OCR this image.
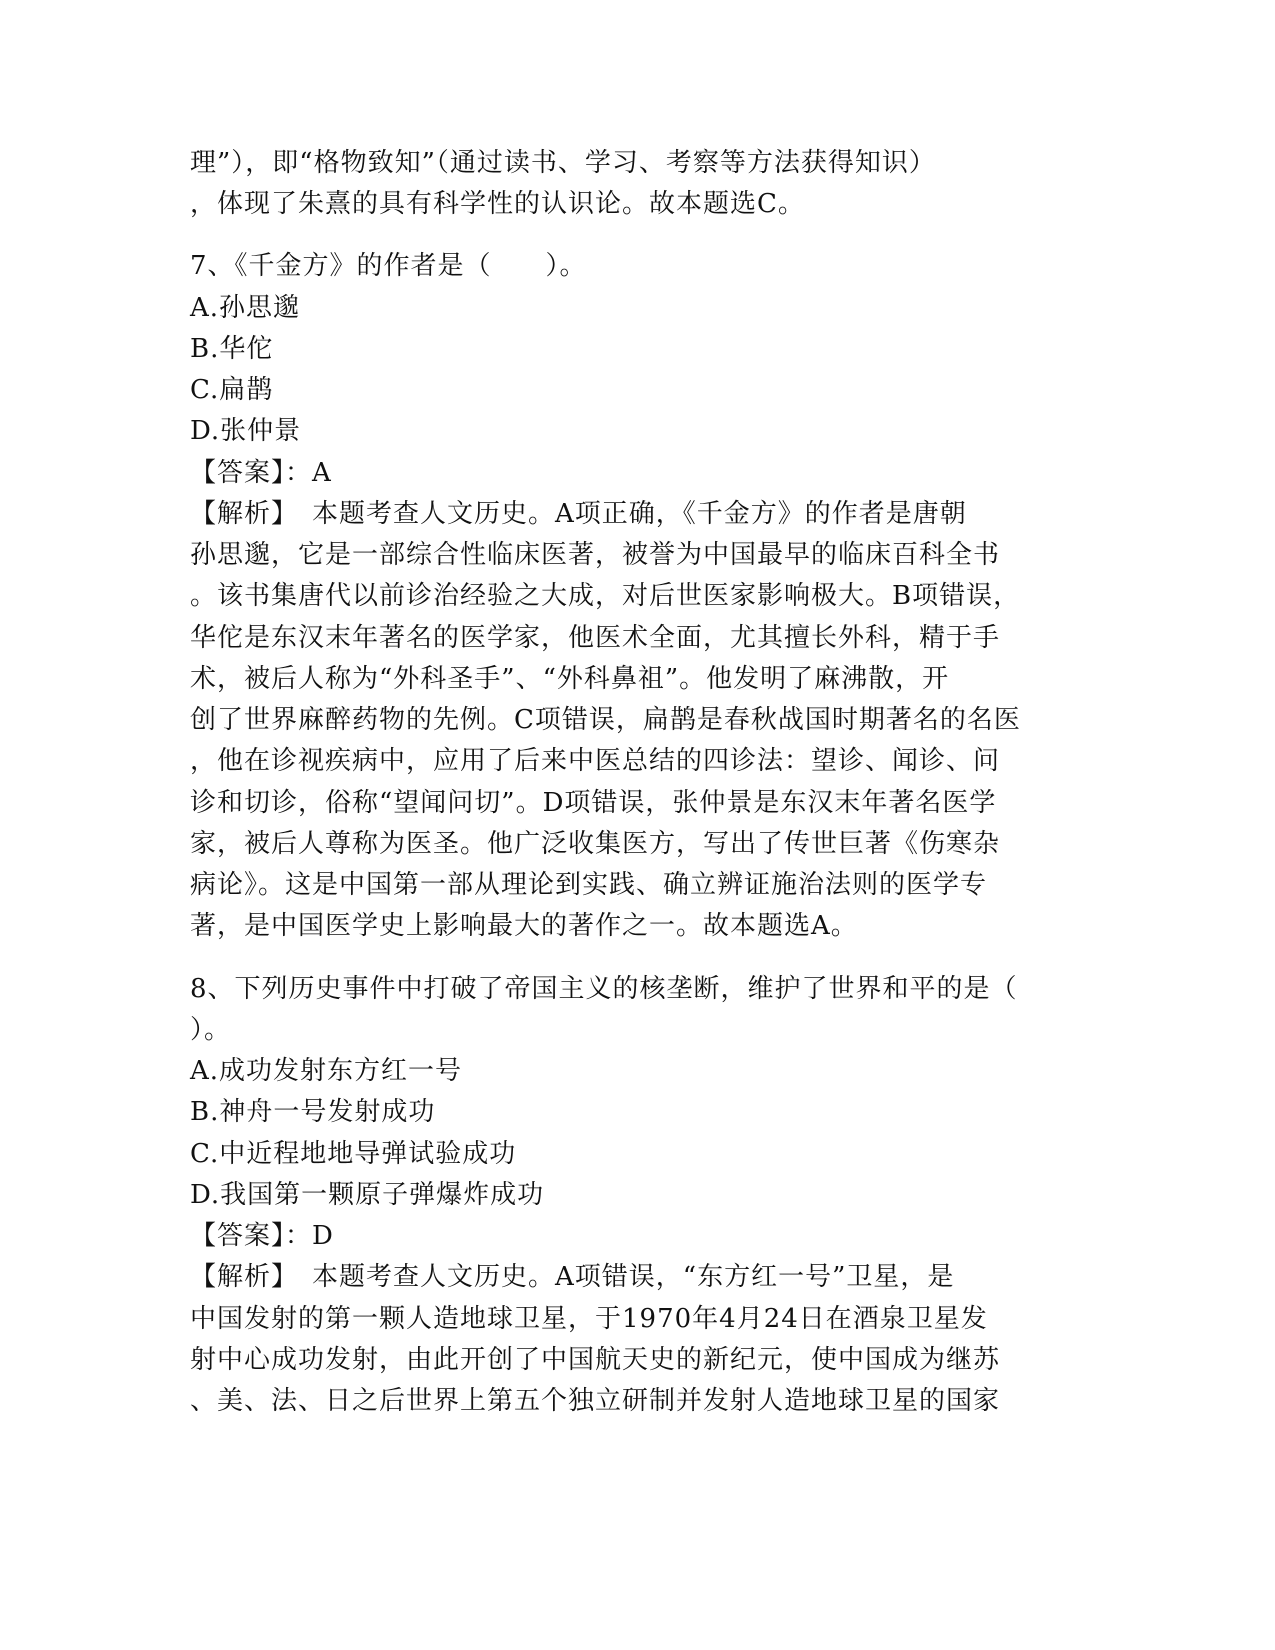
理”），即“格物致知”（通过读书、学习、考察等方法获得知识）
，体现了朱熹的具有科学性的认识论。故本题选C。
7、《千金方》的作者是（　　）。
A.孙思邈
B.华佗
C.扁鹊
D.张仲景
【答案】：A
【解析】　本题考查人文历史。A项正确，《千金方》的作者是唐朝
孙思邈，它是一部综合性临床医著，被誉为中国最早的临床百科全书
。该书集唐代以前诊治经验之大成，对后世医家影响极大。B项错误，
华佗是东汉末年著名的医学家，他医术全面，尤其擅长外科，精于手
术，被后人称为“外科圣手”、“外科鼻祖”。他发明了麻沸散，开
创了世界麻醉药物的先例。C项错误，扁鹊是春秋战国时期著名的名医
，他在诊视疾病中，应用了后来中医总结的四诊法：望诊、闻诊、问
诊和切诊，俗称“望闻问切”。D项错误，张仲景是东汉末年著名医学
家，被后人尊称为医圣。他广泛收集医方，写出了传世巨著《伤寒杂
病论》。这是中国第一部从理论到实践、确立辨证施治法则的医学专
著，是中国医学史上影响最大的著作之一。故本题选A。
8、下列历史事件中打破了帝国主义的核垄断，维护了世界和平的是（
）。
A.成功发射东方红一号
B.神舟一号发射成功
C.中近程地地导弹试验成功
D.我国第一颗原子弹爆炸成功
【答案】：D
【解析】　本题考查人文历史。A项错误，“东方红一号”卫星，是
中国发射的第一颗人造地球卫星，于1970年4月24日在酒泉卫星发
射中心成功发射，由此开创了中国航天史的新纪元，使中国成为继苏
、美、法、日之后世界上第五个独立研制并发射人造地球卫星的国家
